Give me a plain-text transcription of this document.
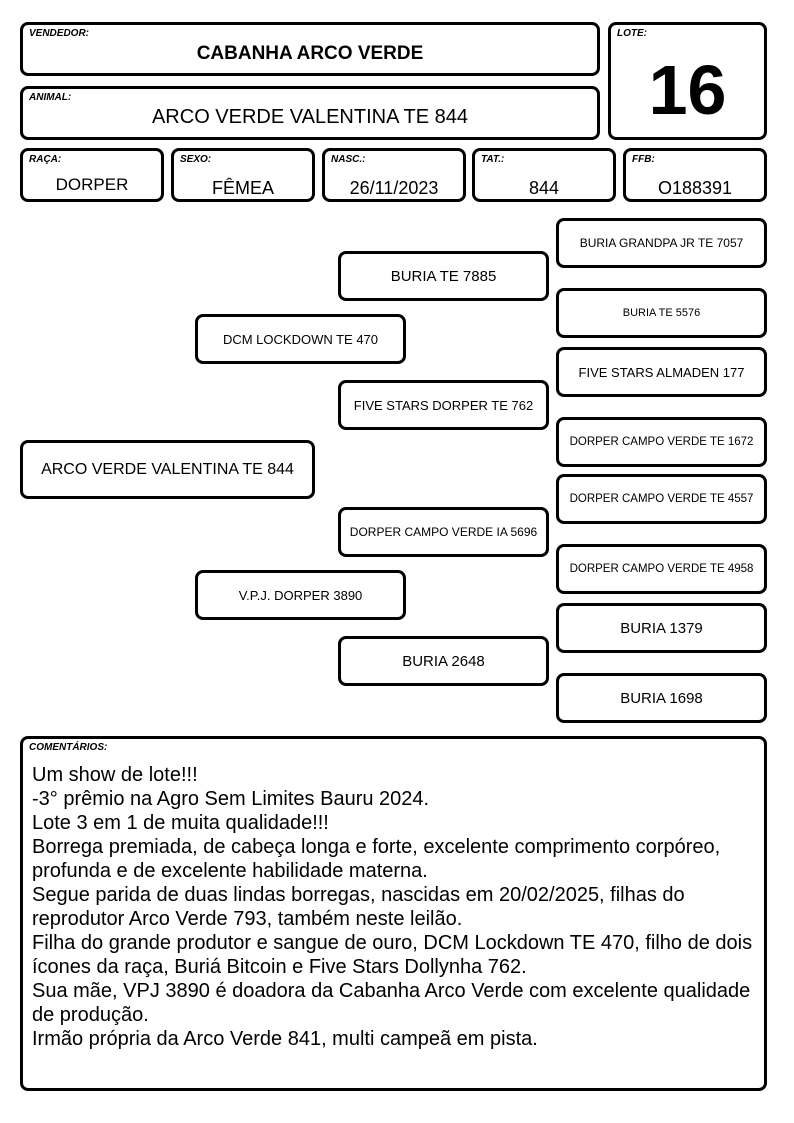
VENDEDOR:
CABANHA ARCO VERDE
LOTE:
16
ANIMAL:
ARCO VERDE VALENTINA TE 844
RAÇA:
DORPER
SEXO:
FÊMEA
NASC.:
26/11/2023
TAT.:
844
FFB:
O188391
ARCO VERDE VALENTINA TE 844
DCM LOCKDOWN TE 470
V.P.J. DORPER 3890
BURIA TE 7885
FIVE STARS DORPER TE 762
DORPER CAMPO VERDE IA 5696
BURIA 2648
BURIA GRANDPA JR TE 7057
BURIA TE 5576
FIVE STARS ALMADEN 177
DORPER CAMPO VERDE TE 1672
DORPER CAMPO VERDE TE 4557
DORPER CAMPO VERDE TE 4958
BURIA 1379
BURIA 1698
COMENTÁRIOS:
Um show de lote!!!
-3° prêmio na Agro Sem Limites Bauru 2024.
Lote 3 em 1 de muita qualidade!!!
Borrega premiada, de cabeça longa e forte, excelente comprimento corpóreo, profunda e de excelente habilidade materna.
Segue parida de duas lindas borregas, nascidas em 20/02/2025, filhas do reprodutor Arco Verde 793, também neste leilão.
Filha do grande produtor e sangue de ouro, DCM Lockdown TE 470, filho de dois ícones da raça, Buriá Bitcoin e Five Stars Dollynha 762.
Sua mãe, VPJ 3890 é doadora da Cabanha Arco Verde com excelente qualidade de produção.
Irmão própria da Arco Verde 841, multi campeã em pista.
